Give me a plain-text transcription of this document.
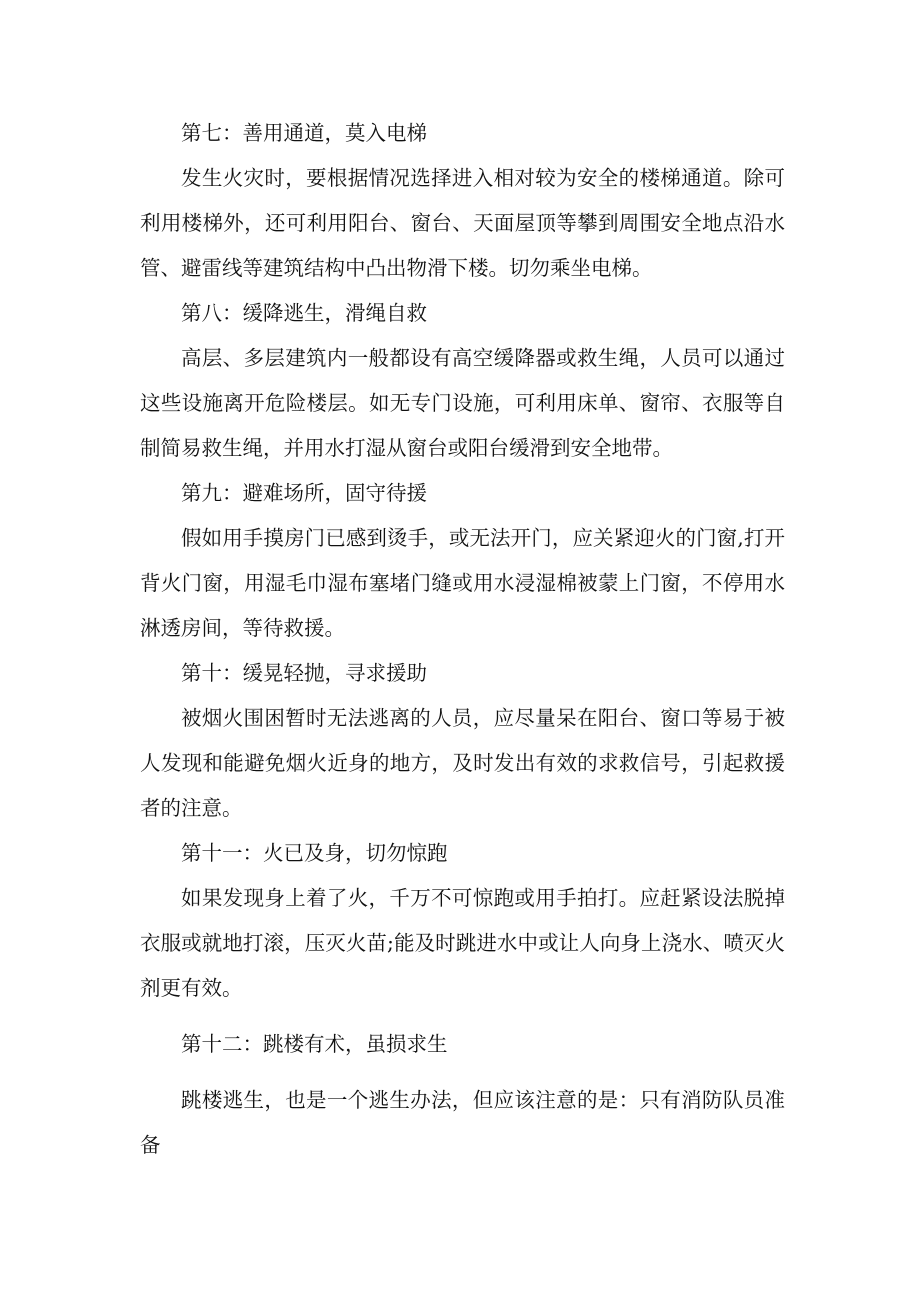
第七：善用通道，莫入电梯

发生火灾时，要根据情况选择进入相对较为安全的楼梯通道。除可利用楼梯外，还可利用阳台、窗台、天面屋顶等攀到周围安全地点沿水管、避雷线等建筑结构中凸出物滑下楼。切勿乘坐电梯。

第八：缓降逃生，滑绳自救

高层、多层建筑内一般都设有高空缓降器或救生绳，人员可以通过这些设施离开危险楼层。如无专门设施，可利用床单、窗帘、衣服等自制简易救生绳，并用水打湿从窗台或阳台缓滑到安全地带。

第九：避难场所，固守待援

假如用手摸房门已感到烫手，或无法开门，应关紧迎火的门窗,打开背火门窗，用湿毛巾湿布塞堵门缝或用水浸湿棉被蒙上门窗，不停用水淋透房间，等待救援。

第十：缓晃轻抛，寻求援助

被烟火围困暂时无法逃离的人员，应尽量呆在阳台、窗口等易于被人发现和能避免烟火近身的地方，及时发出有效的求救信号，引起救援者的注意。

第十一：火已及身，切勿惊跑

如果发现身上着了火，千万不可惊跑或用手拍打。应赶紧设法脱掉衣服或就地打滚，压灭火苗;能及时跳进水中或让人向身上浇水、喷灭火剂更有效。

第十二：跳楼有术，虽损求生

跳楼逃生，也是一个逃生办法，但应该注意的是：只有消防队员准备
